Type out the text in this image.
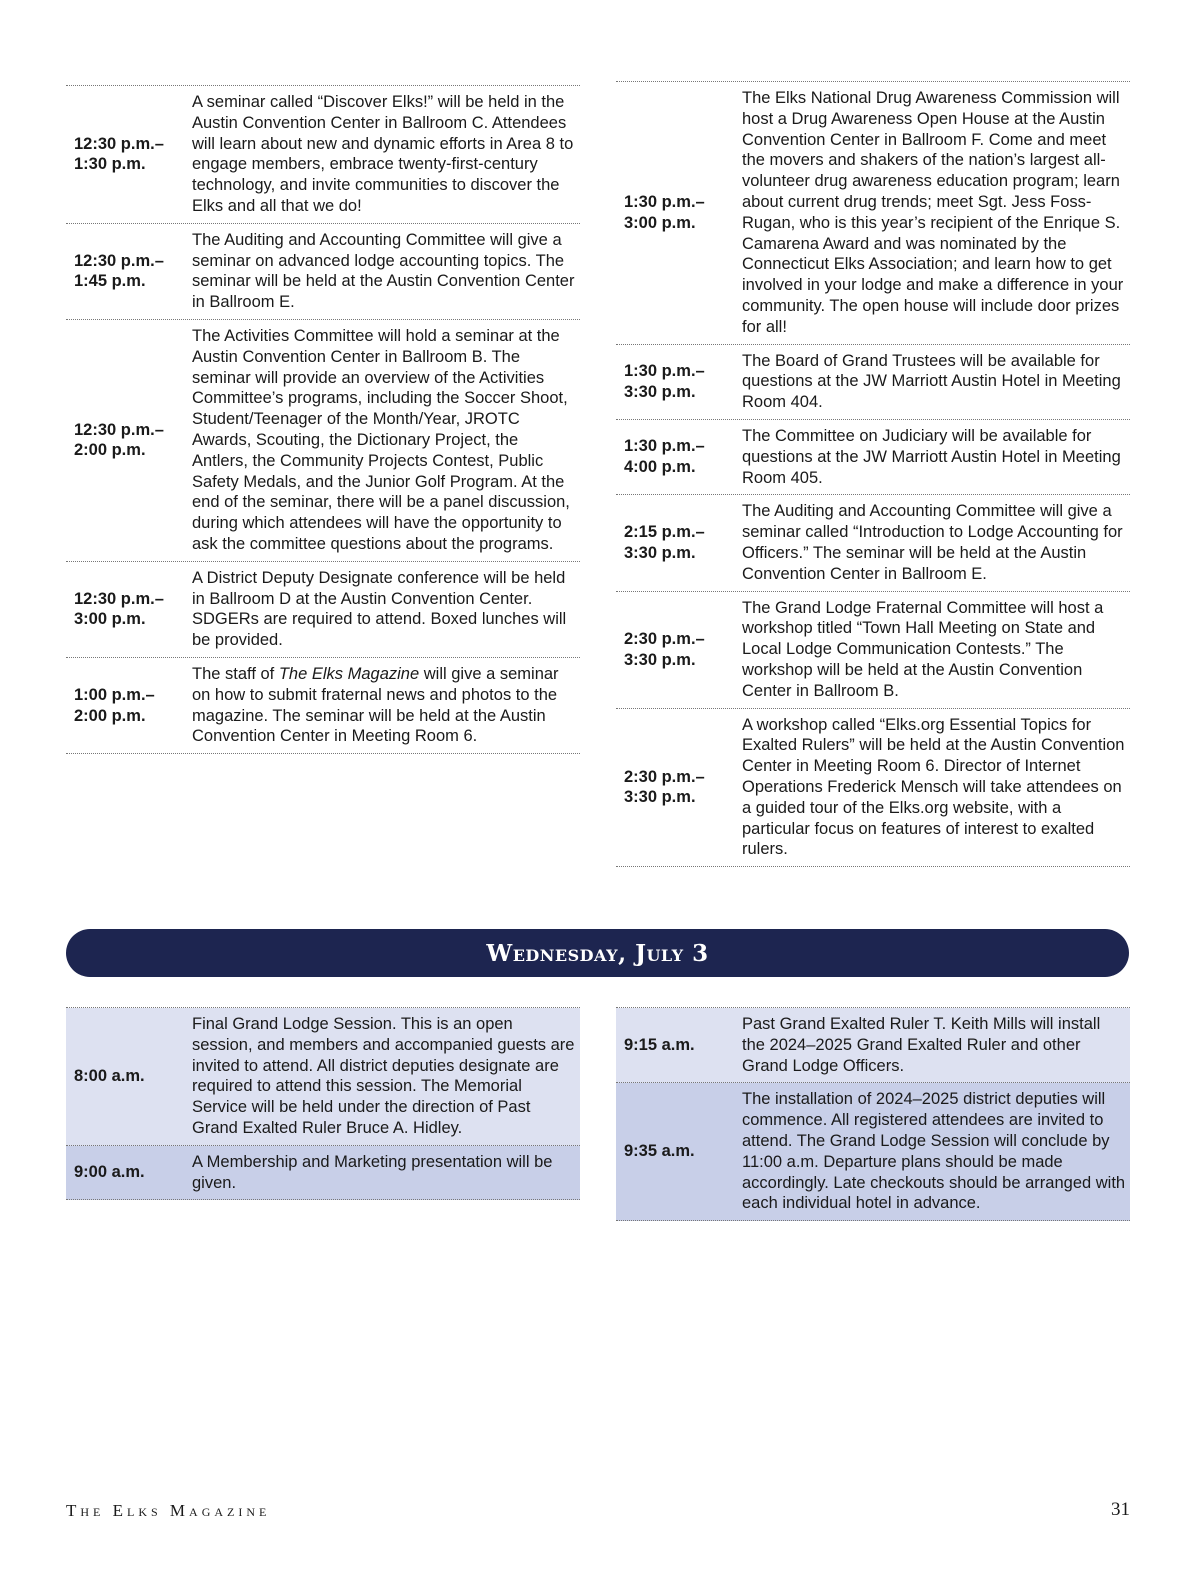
12:30 p.m.–
1:30 p.m.
A seminar called “Discover Elks!” will be held in the Austin Convention Center in Ballroom C. Attendees will learn about new and dynamic efforts in Area 8 to engage members, embrace twenty-first-century technology, and invite communities to discover the Elks and all that we do!
12:30 p.m.–
1:45 p.m.
The Auditing and Accounting Committee will give a seminar on advanced lodge accounting topics. The seminar will be held at the Austin Convention Center in Ballroom E.
12:30 p.m.–
2:00 p.m.
The Activities Committee will hold a seminar at the Austin Convention Center in Ballroom B. The seminar will provide an overview of the Activities Committee’s programs, including the Soccer Shoot, Student/Teenager of the Month/Year, JROTC Awards, Scouting, the Dictionary Project, the Antlers, the Community Projects Contest, Public Safety Medals, and the Junior Golf Program. At the end of the seminar, there will be a panel discussion, during which attendees will have the opportunity to ask the committee questions about the programs.
12:30 p.m.–
3:00 p.m.
A District Deputy Designate conference will be held in Ballroom D at the Austin Convention Center. SDGERs are required to attend. Boxed lunches will be provided.
1:00 p.m.–
2:00 p.m.
The staff of The Elks Magazine will give a seminar on how to submit fraternal news and photos to the magazine. The seminar will be held at the Austin Convention Center in Meeting Room 6.
1:30 p.m.–
3:00 p.m.
The Elks National Drug Awareness Commission will host a Drug Awareness Open House at the Austin Convention Center in Ballroom F. Come and meet the movers and shakers of the nation’s largest all-volunteer drug awareness education program; learn about current drug trends; meet Sgt. Jess Foss-Rugan, who is this year’s recipient of the Enrique S. Camarena Award and was nominated by the Connecticut Elks Association; and learn how to get involved in your lodge and make a difference in your community. The open house will include door prizes for all!
1:30 p.m.–
3:30 p.m.
The Board of Grand Trustees will be available for questions at the JW Marriott Austin Hotel in Meeting Room 404.
1:30 p.m.–
4:00 p.m.
The Committee on Judiciary will be available for questions at the JW Marriott Austin Hotel in Meeting Room 405.
2:15 p.m.–
3:30 p.m.
The Auditing and Accounting Committee will give a seminar called “Introduction to Lodge Accounting for Officers.” The seminar will be held at the Austin Convention Center in Ballroom E.
2:30 p.m.–
3:30 p.m.
The Grand Lodge Fraternal Committee will host a workshop titled “Town Hall Meeting on State and Local Lodge Communication Contests.” The workshop will be held at the Austin Convention Center in Ballroom B.
2:30 p.m.–
3:30 p.m.
A workshop called “Elks.org Essential Topics for Exalted Rulers” will be held at the Austin Convention Center in Meeting Room 6. Director of Internet Operations Frederick Mensch will take attendees on a guided tour of the Elks.org website, with a particular focus on features of interest to exalted rulers.
Wednesday, July 3
8:00 a.m.
Final Grand Lodge Session. This is an open session, and members and accompanied guests are invited to attend. All district deputies designate are required to attend this session. The Memorial Service will be held under the direction of Past Grand Exalted Ruler Bruce A. Hidley.
9:00 a.m.
A Membership and Marketing presentation will be given.
9:15 a.m.
Past Grand Exalted Ruler T. Keith Mills will install the 2024–2025 Grand Exalted Ruler and other Grand Lodge Officers.
9:35 a.m.
The installation of 2024–2025 district deputies will commence. All registered attendees are invited to attend. The Grand Lodge Session will conclude by 11:00 a.m. Departure plans should be made accordingly. Late checkouts should be arranged with each individual hotel in advance.
The Elks Magazine	31
